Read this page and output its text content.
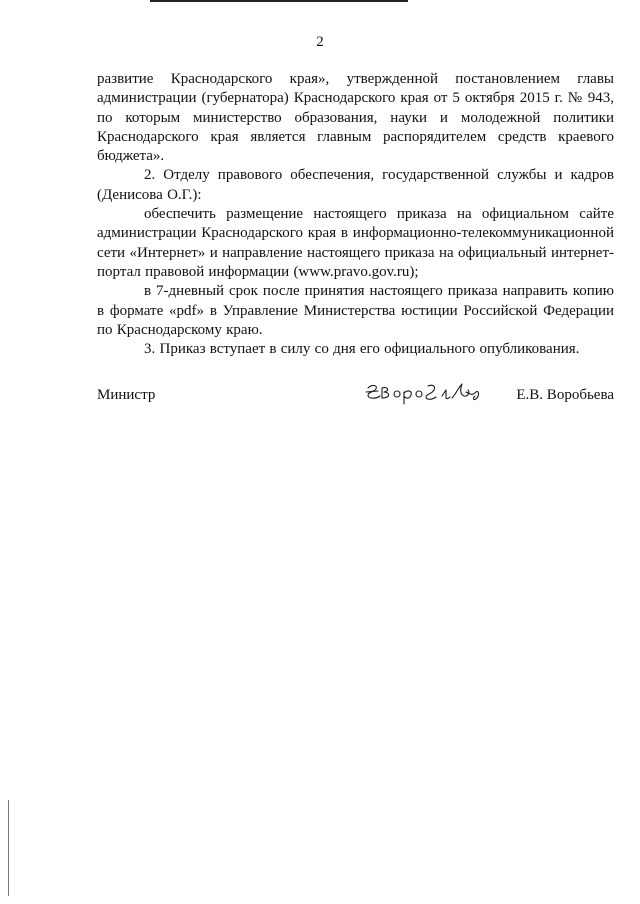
2

развитие Краснодарского края», утвержденной постановлением главы администрации (губернатора) Краснодарского края от 5 октября 2015 г. № 943, по которым министерство образования, науки и молодежной политики Краснодарского края является главным распорядителем средств краевого бюджета».

2. Отделу правового обеспечения, государственной службы и кадров (Денисова О.Г.):

обеспечить размещение настоящего приказа на официальном сайте администрации Краснодарского края в информационно-телекоммуникационной сети «Интернет» и направление настоящего приказа на официальный интернет-портал правовой информации (www.pravo.gov.ru);

в 7-дневный срок после принятия настоящего приказа направить копию в формате «pdf» в Управление Министерства юстиции Российской Федерации по Краснодарскому краю.

3. Приказ вступает в силу со дня его официального опубликования.

Министр	Е.В. Воробьева
